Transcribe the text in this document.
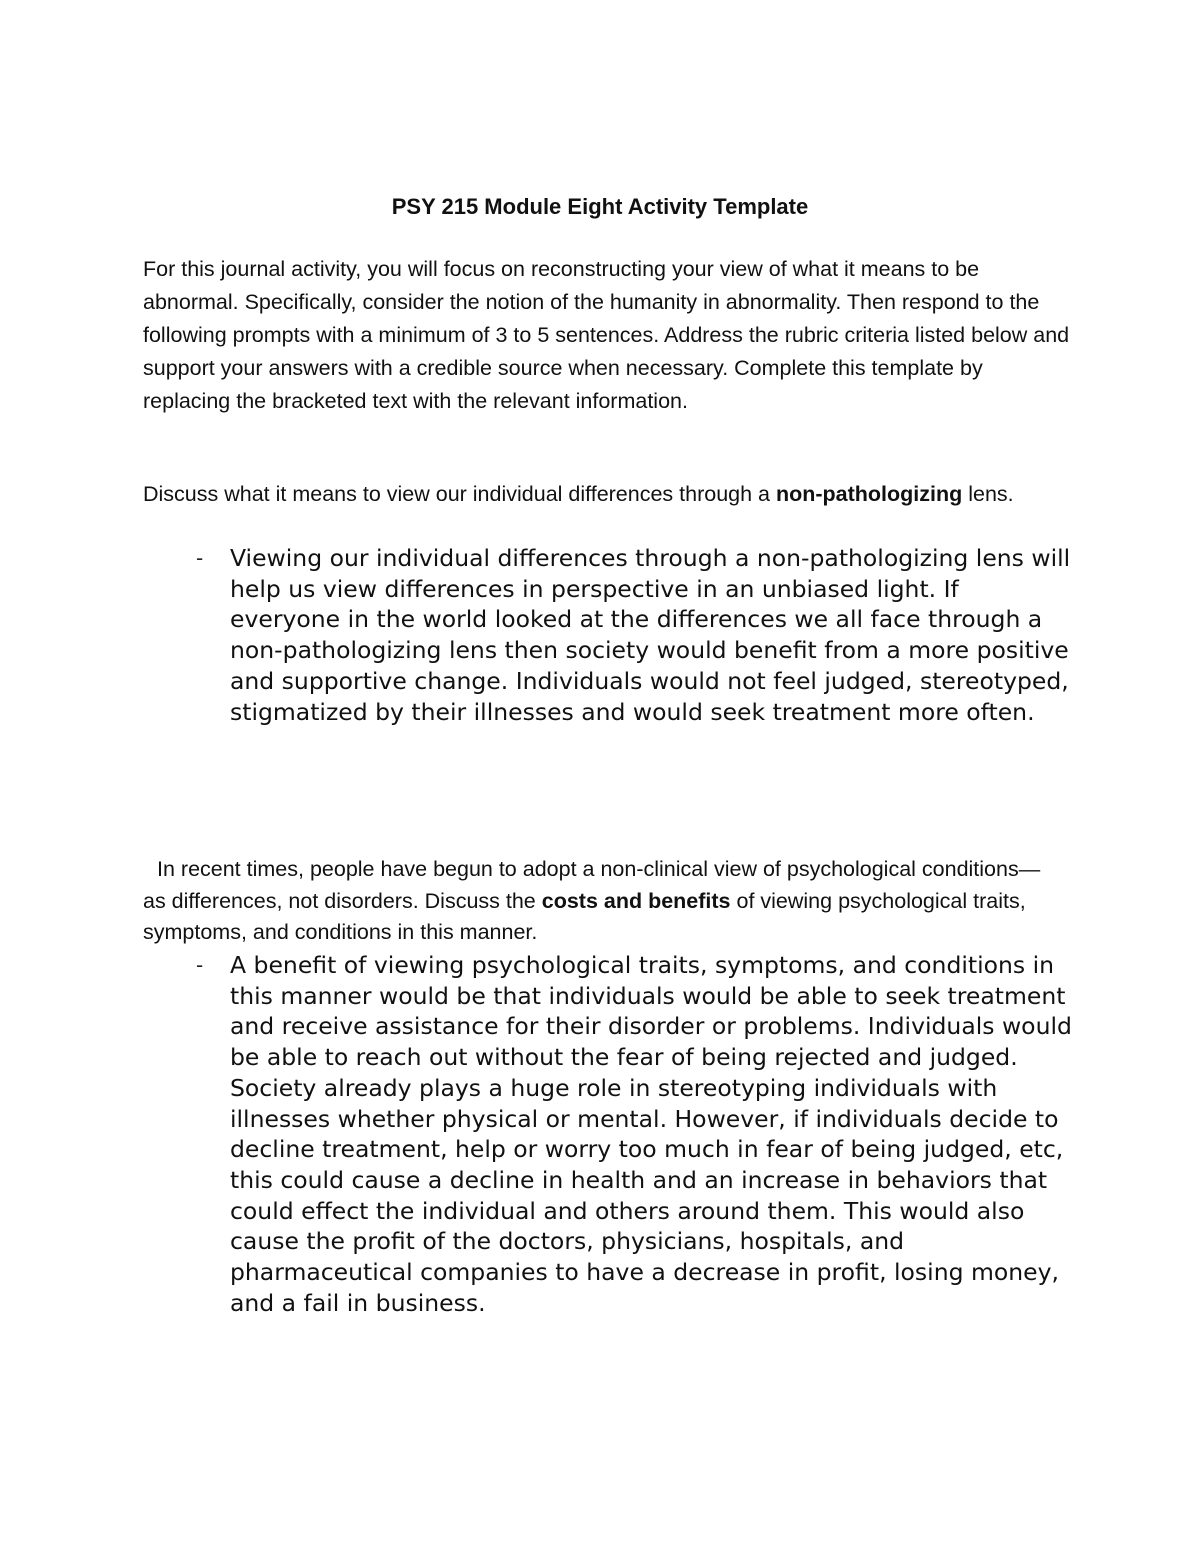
PSY 215 Module Eight Activity Template
For this journal activity, you will focus on reconstructing your view of what it means to be abnormal. Specifically, consider the notion of the humanity in abnormality. Then respond to the following prompts with a minimum of 3 to 5 sentences. Address the rubric criteria listed below and support your answers with a credible source when necessary. Complete this template by replacing the bracketed text with the relevant information.
Discuss what it means to view our individual differences through a non-pathologizing lens.
-	Viewing our individual differences through a non-pathologizing lens will help us view differences in perspective in an unbiased light. If everyone in the world looked at the differences we all face through a non-pathologizing lens then society would benefit from a more positive and supportive change. Individuals would not feel judged, stereotyped, stigmatized by their illnesses and would seek treatment more often.
In recent times, people have begun to adopt a non-clinical view of psychological conditions—as differences, not disorders. Discuss the costs and benefits of viewing psychological traits, symptoms, and conditions in this manner.
-	A benefit of viewing psychological traits, symptoms, and conditions in this manner would be that individuals would be able to seek treatment and receive assistance for their disorder or problems. Individuals would be able to reach out without the fear of being rejected and judged. Society already plays a huge role in stereotyping individuals with illnesses whether physical or mental. However, if individuals decide to decline treatment, help or worry too much in fear of being judged, etc, this could cause a decline in health and an increase in behaviors that could effect the individual and others around them. This would also cause the profit of the doctors, physicians, hospitals, and pharmaceutical companies to have a decrease in profit, losing money, and a fail in business.
